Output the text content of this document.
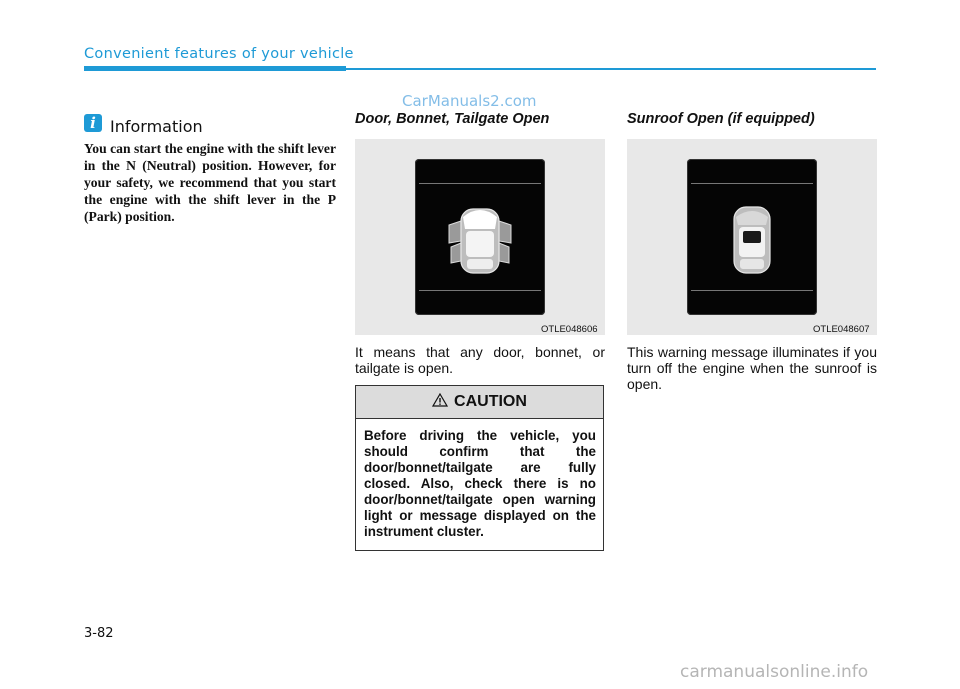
Convenient features of your vehicle
CarManuals2.com
i Information
You can start the engine with the shift lever in the N (Neutral) position. However, for your safety, we recommend that you start the engine with the shift lever in the P (Park) position.
Door, Bonnet, Tailgate Open
OTLE048606
It means that any door, bonnet, or tailgate is open.
CAUTION
Before driving the vehicle, you should confirm that the door/bonnet/tailgate are fully closed. Also, check there is no door/bonnet/tailgate open warning light or message displayed on the instrument cluster.
Sunroof Open (if equipped)
OTLE048607
This warning message illuminates if you turn off the engine when the sunroof is open.
3-82
carmanualsonline.info
